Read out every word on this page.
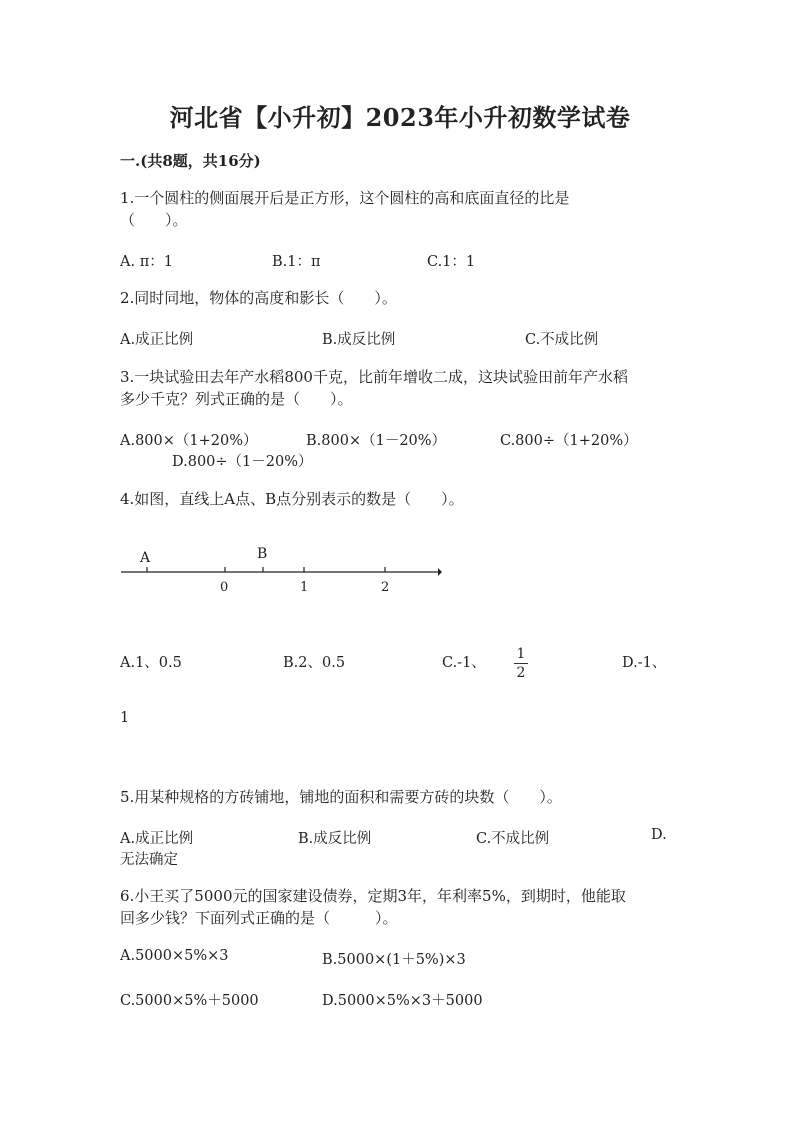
河北省【小升初】2023年小升初数学试卷
一.(共8题，共16分)
1.一个圆柱的侧面展开后是正方形，这个圆柱的高和底面直径的比是
（　　）。
A. π：1	B.1：π	C.1：1
2.同时同地，物体的高度和影长（　　）。
A.成正比例	B.成反比例	C.不成比例
3.一块试验田去年产水稻800千克，比前年增收二成，这块试验田前年产水稻
多少千克？列式正确的是（　　）。
A.800×（1+20%）	B.800×（1－20%）	C.800÷（1+20%）
D.800÷（1－20%）
4.如图，直线上A点、B点分别表示的数是（　　）。
A	B
0	1	2
A.1、0.5	B.2、0.5	C.-1、
1
2
D.-1、
1
5.用某种规格的方砖铺地，铺地的面积和需要方砖的块数（　　）。
A.成正比例	B.成反比例	C.不成比例	D.
无法确定
6.小王买了5000元的国家建设债券，定期3年，年利率5%，到期时，他能取
回多少钱？下面列式正确的是（　　　）。
A.5000×5%×3	B.5000×(1＋5%)×3
C.5000×5%＋5000	D.5000×5%×3＋5000
